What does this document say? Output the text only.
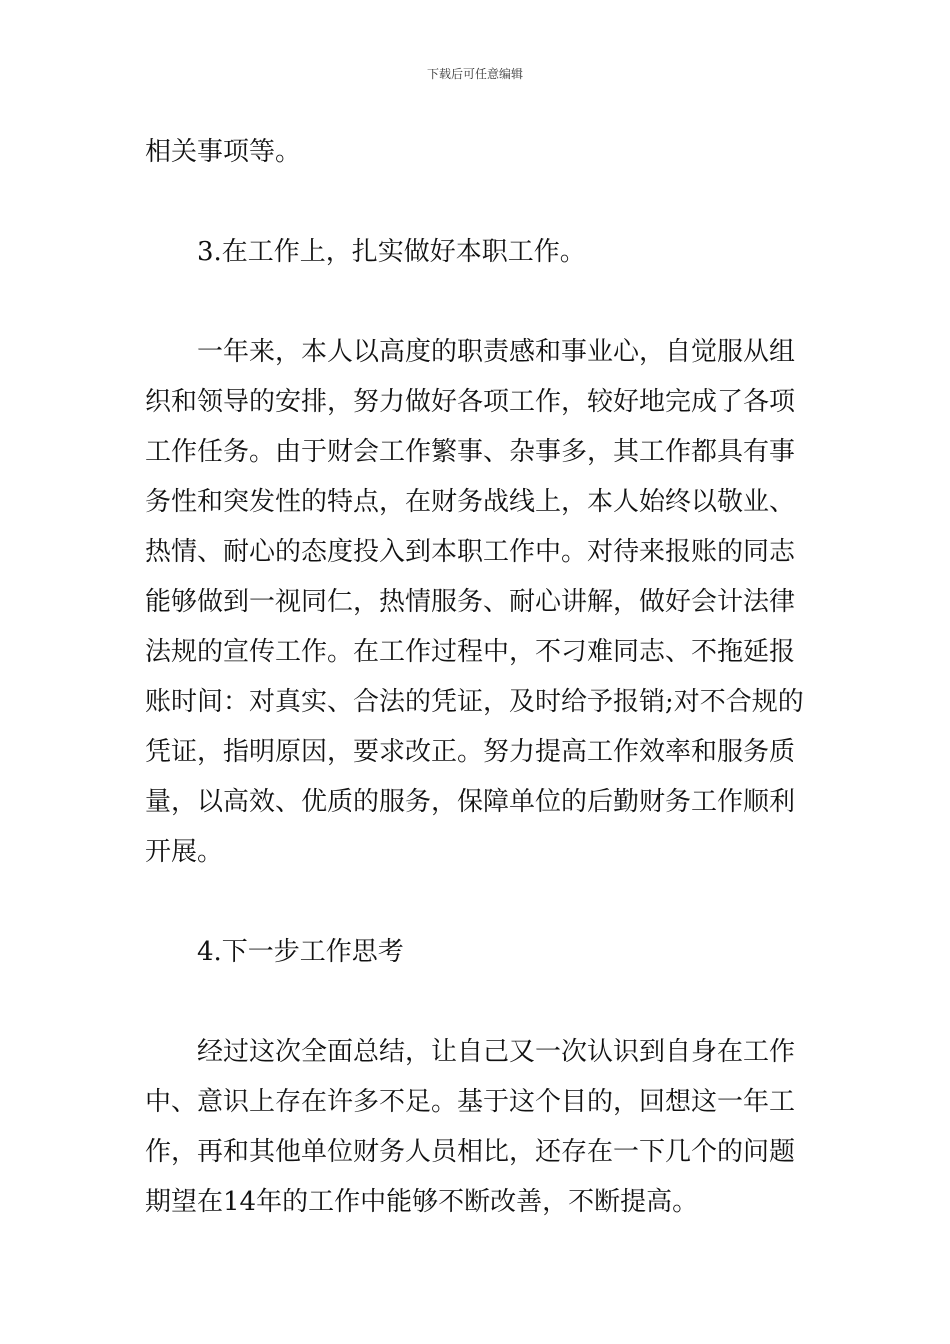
下载后可任意编辑
相关事项等。
3.在工作上，扎实做好本职工作。
一年来，本人以高度的职责感和事业心，自觉服从组
织和领导的安排，努力做好各项工作，较好地完成了各项
工作任务。由于财会工作繁事、杂事多，其工作都具有事
务性和突发性的特点，在财务战线上，本人始终以敬业、
热情、耐心的态度投入到本职工作中。对待来报账的同志
能够做到一视同仁，热情服务、耐心讲解，做好会计法律
法规的宣传工作。在工作过程中，不刁难同志、不拖延报
账时间：对真实、合法的凭证，及时给予报销;对不合规的
凭证，指明原因，要求改正。努力提高工作效率和服务质
量，以高效、优质的服务，保障单位的后勤财务工作顺利
开展。
4.下一步工作思考
经过这次全面总结，让自己又一次认识到自身在工作
中、意识上存在许多不足。基于这个目的，回想这一年工
作，再和其他单位财务人员相比，还存在一下几个的问题
期望在14年的工作中能够不断改善，不断提高。
